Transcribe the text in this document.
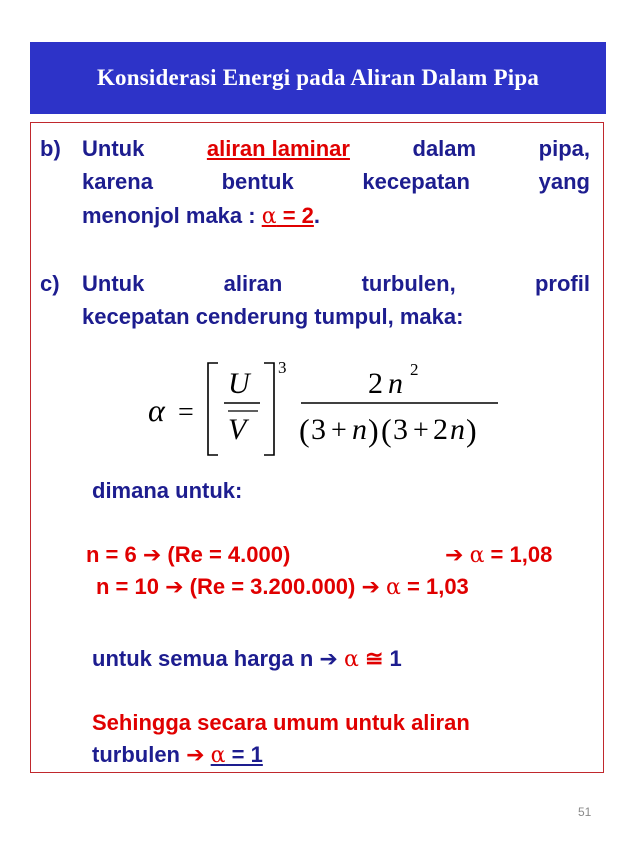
Konsiderasi Energi pada Aliran Dalam Pipa
b) Untuk	aliran laminar	dalam	pipa,
karena	bentuk	kecepatan	yang
menonjol maka : α = 2.
c) Untuk	aliran	turbulen,	profil
kecepatan cenderung tumpul, maka:
α =
U
V
3	2 n 2
( 3 + n ) ( 3 + 2 n )
dimana untuk:
n = 6 ➔ (Re = 4.000)	➔ α = 1,08
n = 10 ➔ (Re = 3.200.000) ➔ α = 1,03
untuk semua harga n ➔ α ≅ 1
Sehingga secara umum untuk aliran
turbulen ➔ α = 1
51
